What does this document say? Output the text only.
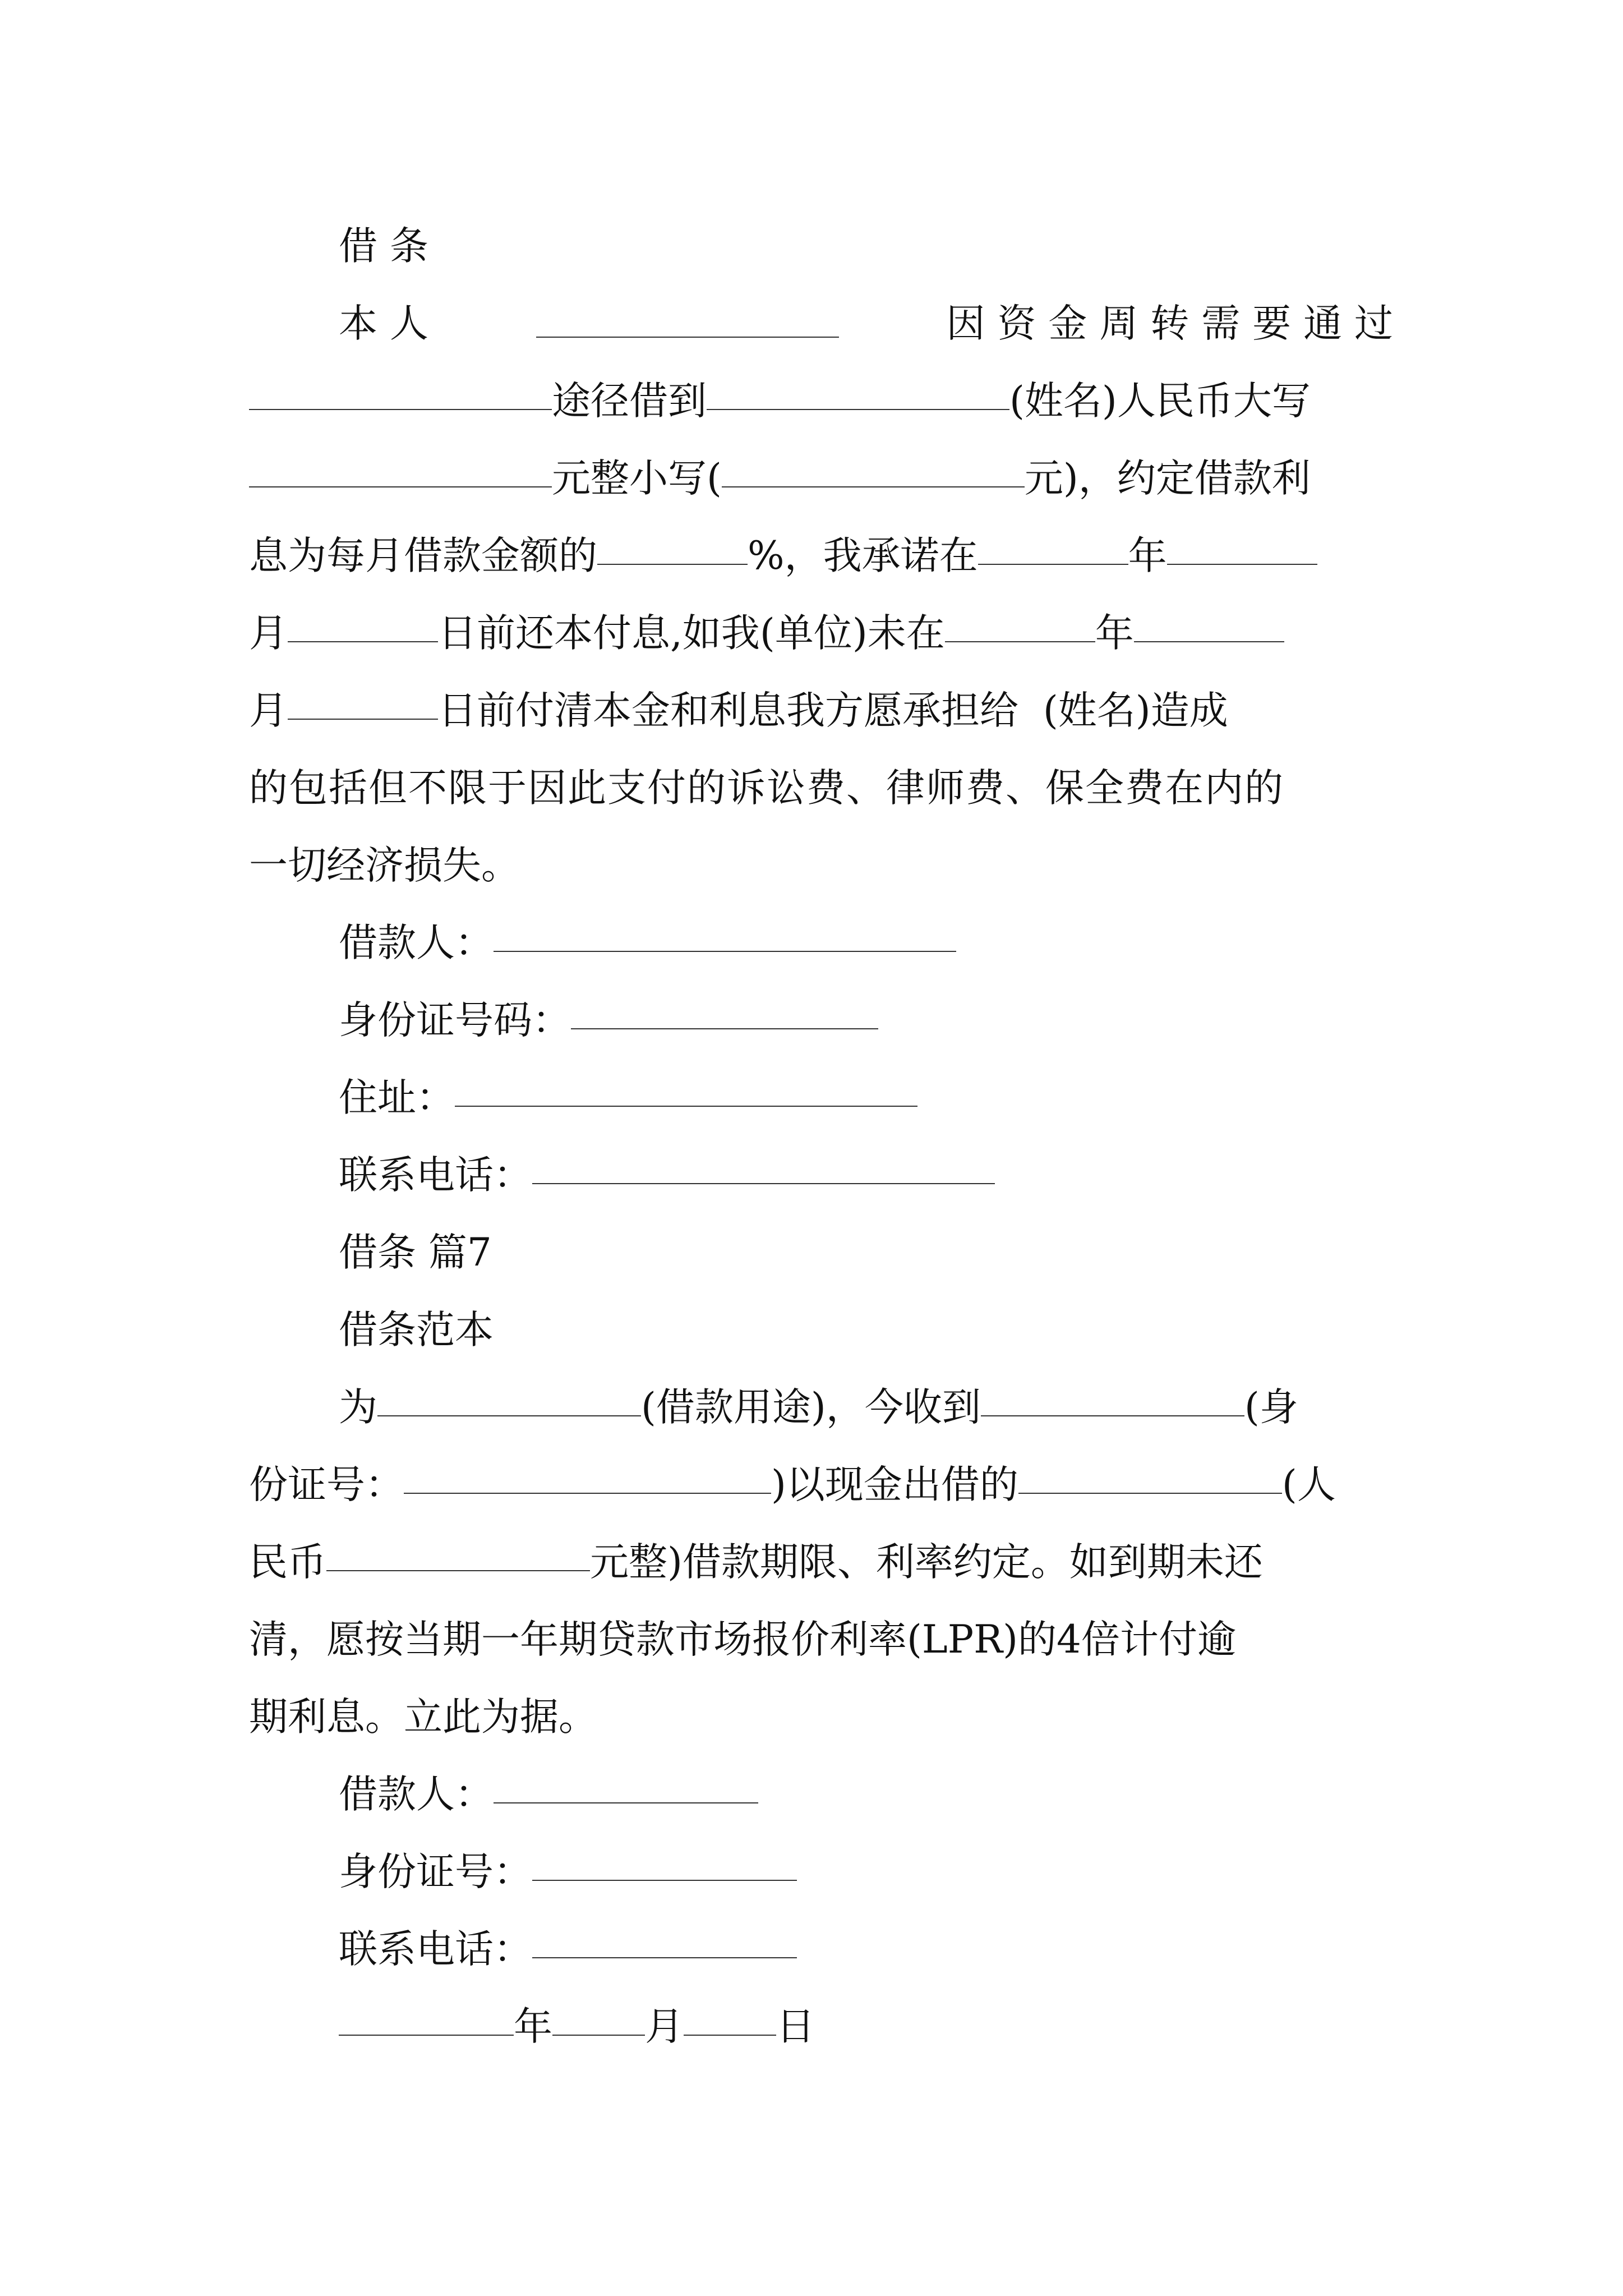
借 条
本 人	因 资 金 周 转 需 要 通 过
途径借到	(姓名)人民币大写
元整小写(	元)，约定借款利
息为每月借款金额的	%，我承诺在	年
月	日前还本付息,如我(单位)未在	年
月	日前付清本金和利息我方愿承担给  (姓名)造成
的包括但不限于因此支付的诉讼费、律师费、保全费在内的
一切经济损失。
借款人：
身份证号码：
住址：
联系电话：
借条 篇7
借条范本
为	(借款用途)，今收到	(身
份证号：	)以现金出借的	(人
民币	元整)借款期限、利率约定。如到期未还
清，愿按当期一年期贷款市场报价利率(LPR)的4倍计付逾
期利息。立此为据。
借款人：
身份证号：
联系电话：
年 月 日
